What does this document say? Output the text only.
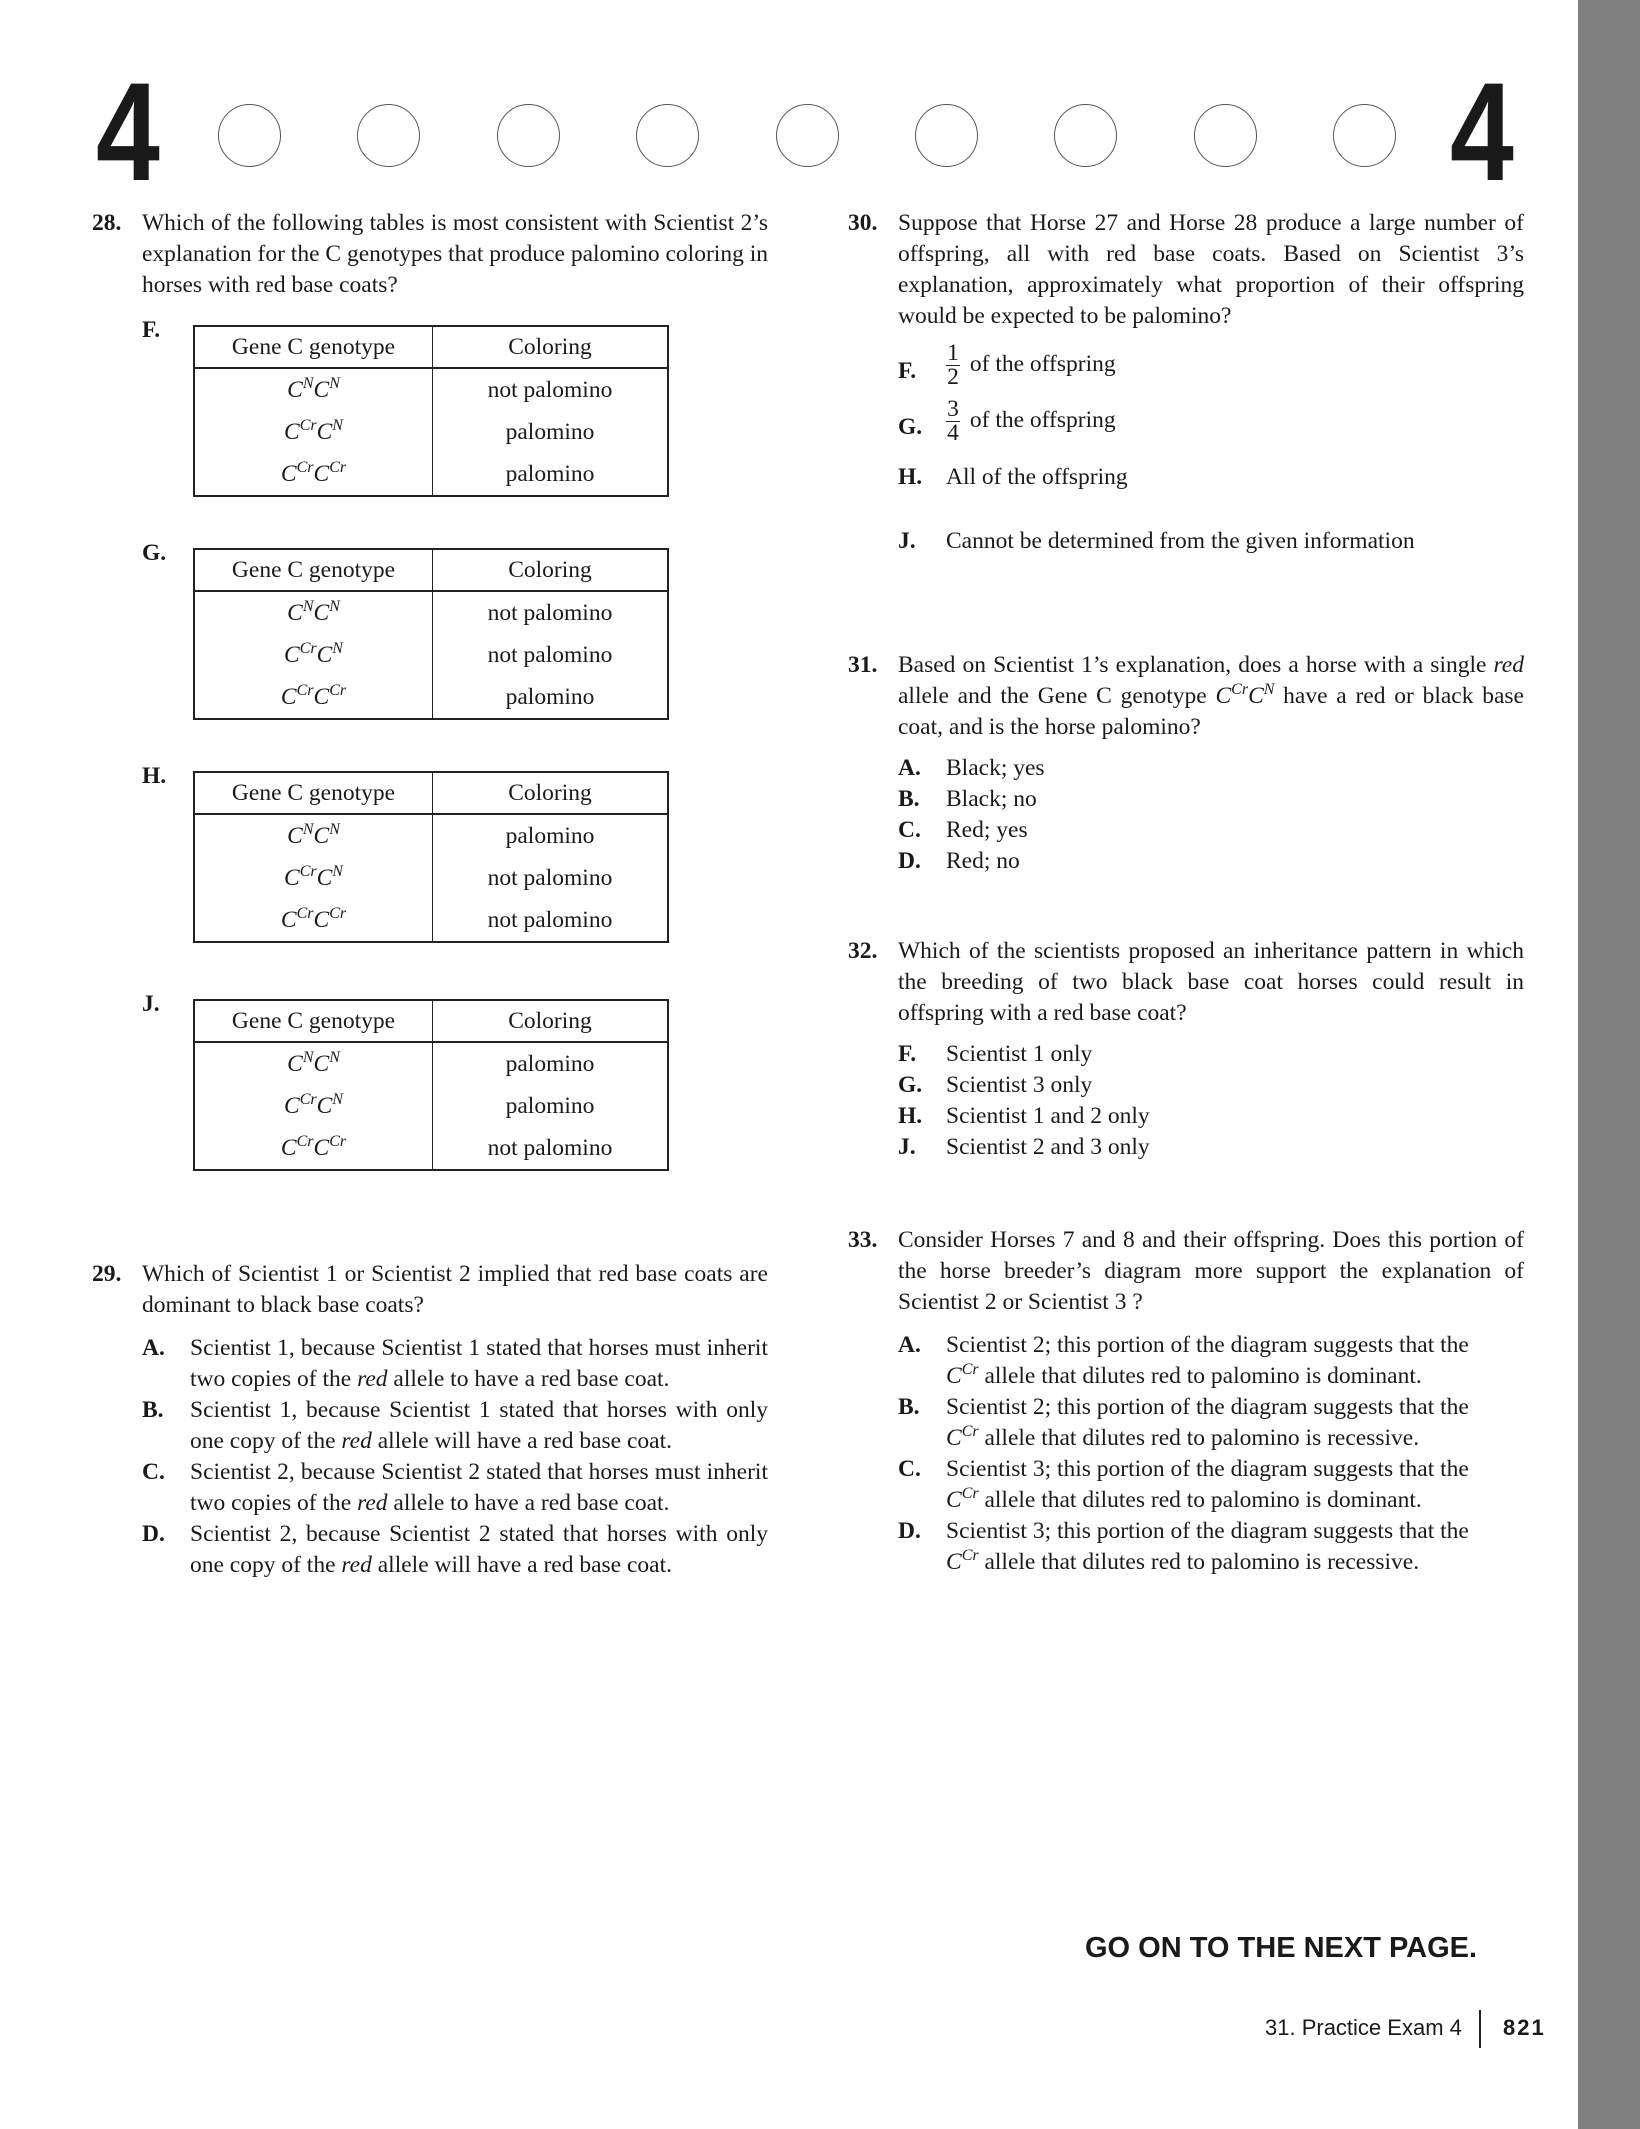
4	4
28. Which of the following tables is most consistent with Scientist 2’s explanation for the C genotypes that produce palomino coloring in horses with red base coats?
F.
Gene C genotype	Coloring
$C^NC^N$	not palomino
$C^{Cr}C^N$	palomino
$C^{Cr}C^{Cr}$	palomino
G.
Gene C genotype	Coloring
$C^NC^N$	not palomino
$C^{Cr}C^N$	not palomino
$C^{Cr}C^{Cr}$	palomino
H.
Gene C genotype	Coloring
$C^NC^N$	palomino
$C^{Cr}C^N$	not palomino
$C^{Cr}C^{Cr}$	not palomino
J.
Gene C genotype	Coloring
$C^NC^N$	palomino
$C^{Cr}C^N$	palomino
$C^{Cr}C^{Cr}$	not palomino
29. Which of Scientist 1 or Scientist 2 implied that red base coats are dominant to black base coats?
A. Scientist 1, because Scientist 1 stated that horses must inherit two copies of the red allele to have a red base coat.
B. Scientist 1, because Scientist 1 stated that horses with only one copy of the red allele will have a red base coat.
C. Scientist 2, because Scientist 2 stated that horses must inherit two copies of the red allele to have a red base coat.
D. Scientist 2, because Scientist 2 stated that horses with only one copy of the red allele will have a red base coat.
30. Suppose that Horse 27 and Horse 28 produce a large number of offspring, all with red base coats. Based on Scientist 3’s explanation, approximately what proportion of their offspring would be expected to be palomino?
F. $\frac{1}{2}$ of the offspring
G. $\frac{3}{4}$ of the offspring
H. All of the offspring
J. Cannot be determined from the given information
31. Based on Scientist 1’s explanation, does a horse with a single red allele and the Gene C genotype $C^{Cr}C^N$ have a red or black base coat, and is the horse palomino?
A. Black; yes
B. Black; no
C. Red; yes
D. Red; no
32. Which of the scientists proposed an inheritance pattern in which the breeding of two black base coat horses could result in offspring with a red base coat?
F. Scientist 1 only
G. Scientist 3 only
H. Scientist 1 and 2 only
J. Scientist 2 and 3 only
33. Consider Horses 7 and 8 and their offspring. Does this portion of the horse breeder’s diagram more support the explanation of Scientist 2 or Scientist 3 ?
A. Scientist 2; this portion of the diagram suggests that the
$C^{Cr}$ allele that dilutes red to palomino is dominant.
B. Scientist 2; this portion of the diagram suggests that the
$C^{Cr}$ allele that dilutes red to palomino is recessive.
C. Scientist 3; this portion of the diagram suggests that the
$C^{Cr}$ allele that dilutes red to palomino is dominant.
D. Scientist 3; this portion of the diagram suggests that the
$C^{Cr}$ allele that dilutes red to palomino is recessive.
GO ON TO THE NEXT PAGE.
31. Practice Exam 4 821
